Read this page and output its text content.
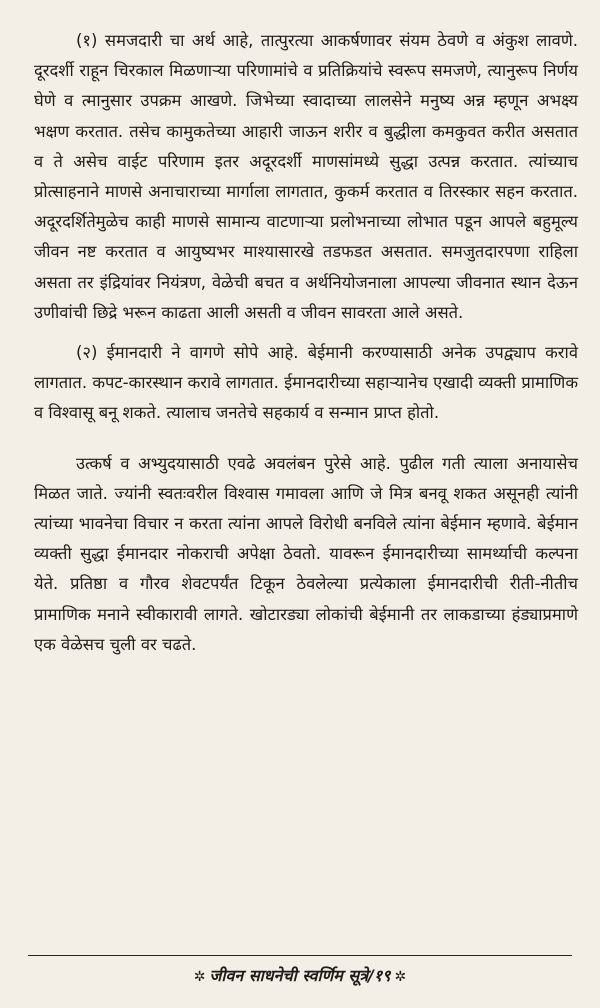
(१) समजदारी चा अर्थ आहे, तात्पुरत्या आकर्षणावर संयम ठेवणे व अंकुश लावणे. दूरदर्शी राहून चिरकाल मिळणाऱ्या परिणामांचे व प्रतिक्रियांचे स्वरूप समजणे, त्यानुरूप निर्णय घेणे व त्मानुसार उपक्रम आखणे. जिभेच्या स्वादाच्या लालसेने मनुष्य अन्न म्हणून अभक्ष्य भक्षण करतात. तसेच कामुकतेच्या आहारी जाऊन शरीर व बुद्धीला कमकुवत करीत असतात व ते असेच वाईट परिणाम इतर अदूरदर्शी माणसांमध्ये सुद्धा उत्पन्न करतात. त्यांच्याच प्रोत्साहनाने माणसे अनाचाराच्या मार्गाला लागतात, कुकर्म करतात व तिरस्कार सहन करतात. अदूरदर्शितेमुळेच काही माणसे सामान्य वाटणाऱ्या प्रलोभनाच्या लोभात पडून आपले बहुमूल्य जीवन नष्ट करतात व आयुष्यभर माश्यासारखे तडफडत असतात. समजुतदारपणा राहिला असता तर इंद्रियांवर नियंत्रण, वेळेची बचत व अर्थनियोजनाला आपल्या जीवनात स्थान देऊन उणीवांची छिद्रे भरून काढता आली असती व जीवन सावरता आले असते.

(२) ईमानदारी ने वागणे सोपे आहे. बेईमानी करण्यासाठी अनेक उपद्व्याप करावे लागतात. कपट-कारस्थान करावे लागतात. ईमानदारीच्या सहाऱ्यानेच एखादी व्यक्ती प्रामाणिक व विश्वासू बनू शकते. त्यालाच जनतेचे सहकार्य व सन्मान प्राप्त होतो.

उत्कर्ष व अभ्युदयासाठी एवढे अवलंबन पुरेसे आहे. पुढील गती त्याला अनायासेच मिळत जाते. ज्यांनी स्वतःवरील विश्वास गमावला आणि जे मित्र बनवू शकत असूनही त्यांनी त्यांच्या भावनेचा विचार न करता त्यांना आपले विरोधी बनविले त्यांना बेईमान म्हणावे. बेईमान व्यक्ती सुद्धा ईमानदार नोकराची अपेक्षा ठेवतो. यावरून ईमानदारीच्या सामर्थ्याची कल्पना येते. प्रतिष्ठा व गौरव शेवटपर्यंत टिकून ठेवलेल्या प्रत्येकाला ईमानदारीची रीती-नीतीच प्रामाणिक मनाने स्वीकारावी लागते. खोटारड्या लोकांची बेईमानी तर लाकडाच्या हंड्याप्रमाणे एक वेळेसच चुली वर चढते.

✲ जीवन साधनेची स्वर्णिम सूत्रे/१९ ✲
